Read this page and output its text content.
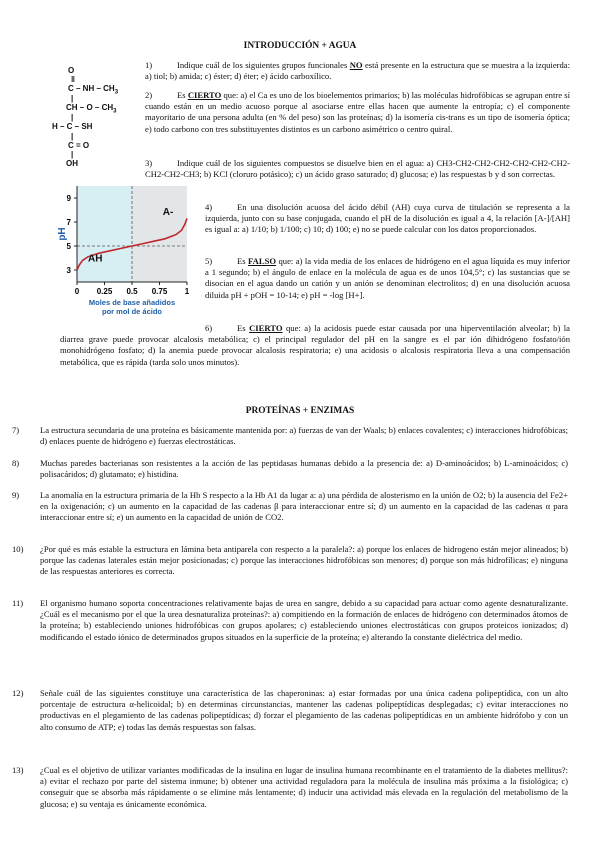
INTRODUCCIÓN + AGUA
O
‖
C – NH – $CH_3$
|
CH – O – $CH_3$
|
H – C – SH
|
C = O
|
OH

1)	Indique cuál de los siguientes grupos funcionales NO está presente en la estructura que se muestra a la izquierda: a) tiol; b) amida; c) éster; d) éter; e) ácido carboxílico.

2)	Es CIERTO que: a) el Ca es uno de los bioelementos primarios; b) las moléculas hidrofóbicas se agrupan entre sí cuando están en un medio acuoso porque al asociarse entre ellas hacen que aumente la entropía; c) el componente mayoritario de una persona adulta (en % del peso) son las proteínas; d) la isomería cis-trans es un tipo de isomería óptica; e) todo carbono con tres substituyentes distintos es un carbono asimétrico o centro quiral.

3)	Indique cuál de los siguientes compuestos se disuelve bien en el agua: a) CH3-CH2-CH2-CH2-CH2-CH2-CH2-CH2-CH2-CH3; b) KCl (cloruro potásico); c) un ácido graso saturado; d) glucosa; e) las respuestas b y d son correctas.

3
5
7
9
0 0.25 0.5 0.75 1
AH
A-
pH
Moles de base añadidos
por mol de ácido

4)	En una disolución acuosa del ácido débil (AH) cuya curva de titulación se representa a la izquierda, junto con su base conjugada, cuando el pH de la disolución es igual a 4, la relación [A-]/[AH] es igual a: a) 1/10; b) 1/100; c) 10; d) 100; e) no se puede calcular con los datos proporcionados.

5)	Es FALSO que: a) la vida media de los enlaces de hidrógeno en el agua líquida es muy inferior a 1 segundo; b) el ángulo de enlace en la molécula de agua es de unos 104,5°; c) las sustancias que se disocian en el agua dando un catión y un anión se denominan electrolitos; d) en una disolución acuosa diluida pH + pOH = 10-14; e) pH = -log [H+].

6)	Es CIERTO que: a) la acidosis puede estar causada por una hiperventilación alveolar; b) la diarrea grave puede provocar alcalosis metabólica; c) el principal regulador del pH en la sangre es el par ión dihidrógeno fosfato/ión monohidrógeno fosfato; d) la anemia puede provocar alcalosis respiratoria; e) una acidosis o alcalosis respiratoria lleva a una compensación metabólica, que es rápida (tarda solo unos minutos).

PROTEÍNAS + ENZIMAS
7)	La estructura secundaria de una proteína es básicamente mantenida por: a) fuerzas de van der Waals; b) enlaces covalentes; c) interacciones hidrofóbicas; d) enlaces puente de hidrógeno e) fuerzas electrostáticas.
8)	Muchas paredes bacterianas son resistentes a la acción de las peptidasas humanas debido a la presencia de: a) D-aminoácidos; b) L-aminoácidos; c) polisacáridos; d) glutamato; e) histidina.
9)	La anomalía en la estructura primaria de la Hb S respecto a la Hb A1 da lugar a: a) una pérdida de alosterismo en la unión de O2; b) la ausencia del Fe2+ en la oxigenación; c) un aumento en la capacidad de las cadenas β para interaccionar entre sí; d) un aumento en la capacidad de las cadenas α para interaccionar entre sí; e) un aumento en la capacidad de unión de CO2.
10)	¿Por qué es más estable la estructura en lámina beta antiparela con respecto a la paralela?: a) porque los enlaces de hidrogeno están mejor alineados; b) porque las cadenas laterales están mejor posicionadas; c) porque las interacciones hidrofóbicas son menores; d) porque son más hidrofílicas; e) ninguna de las respuestas anteriores es correcta.
11)	El organismo humano soporta concentraciones relativamente bajas de urea en sangre, debido a su capacidad para actuar como agente desnaturalizante. ¿Cuál es el mecanismo por el que la urea desnaturaliza proteínas?: a) compitiendo en la formación de enlaces de hidrógeno con determinados átomos de la proteína; b) estableciendo uniones hidrofóbicas con grupos apolares; c) estableciendo uniones electrostáticas con grupos proteicos ionizados; d) modificando el estado iónico de determinados grupos situados en la superficie de la proteína; e) alterando la constante dieléctrica del medio.
12)	Señale cuál de las siguientes constituye una característica de las chaperoninas: a) estar formadas por una única cadena polipeptídica, con un alto porcentaje de estructura α-helicoidal; b) en determinas circunstancias, mantener las cadenas polipeptídicas desplegadas; c) evitar interacciones no productivas en el plegamiento de las cadenas polipeptídicas; d) forzar el plegamiento de las cadenas polipeptídicas en un ambiente hidrófobo y con un alto consumo de ATP; e) todas las demás respuestas son falsas.
13)	¿Cual es el objetivo de utilizar variantes modificadas de la insulina en lugar de insulina humana recombinante en el tratamiento de la diabetes mellitus?: a) evitar el rechazo por parte del sistema inmune; b) obtener una actividad reguladora para la molécula de insulina más próxima a la fisiológica; c) conseguir que se absorba más rápidamente o se elimine más lentamente; d) inducir una actividad más elevada en la regulación del metabolismo de la glucosa; e) su ventaja es únicamente económica.
